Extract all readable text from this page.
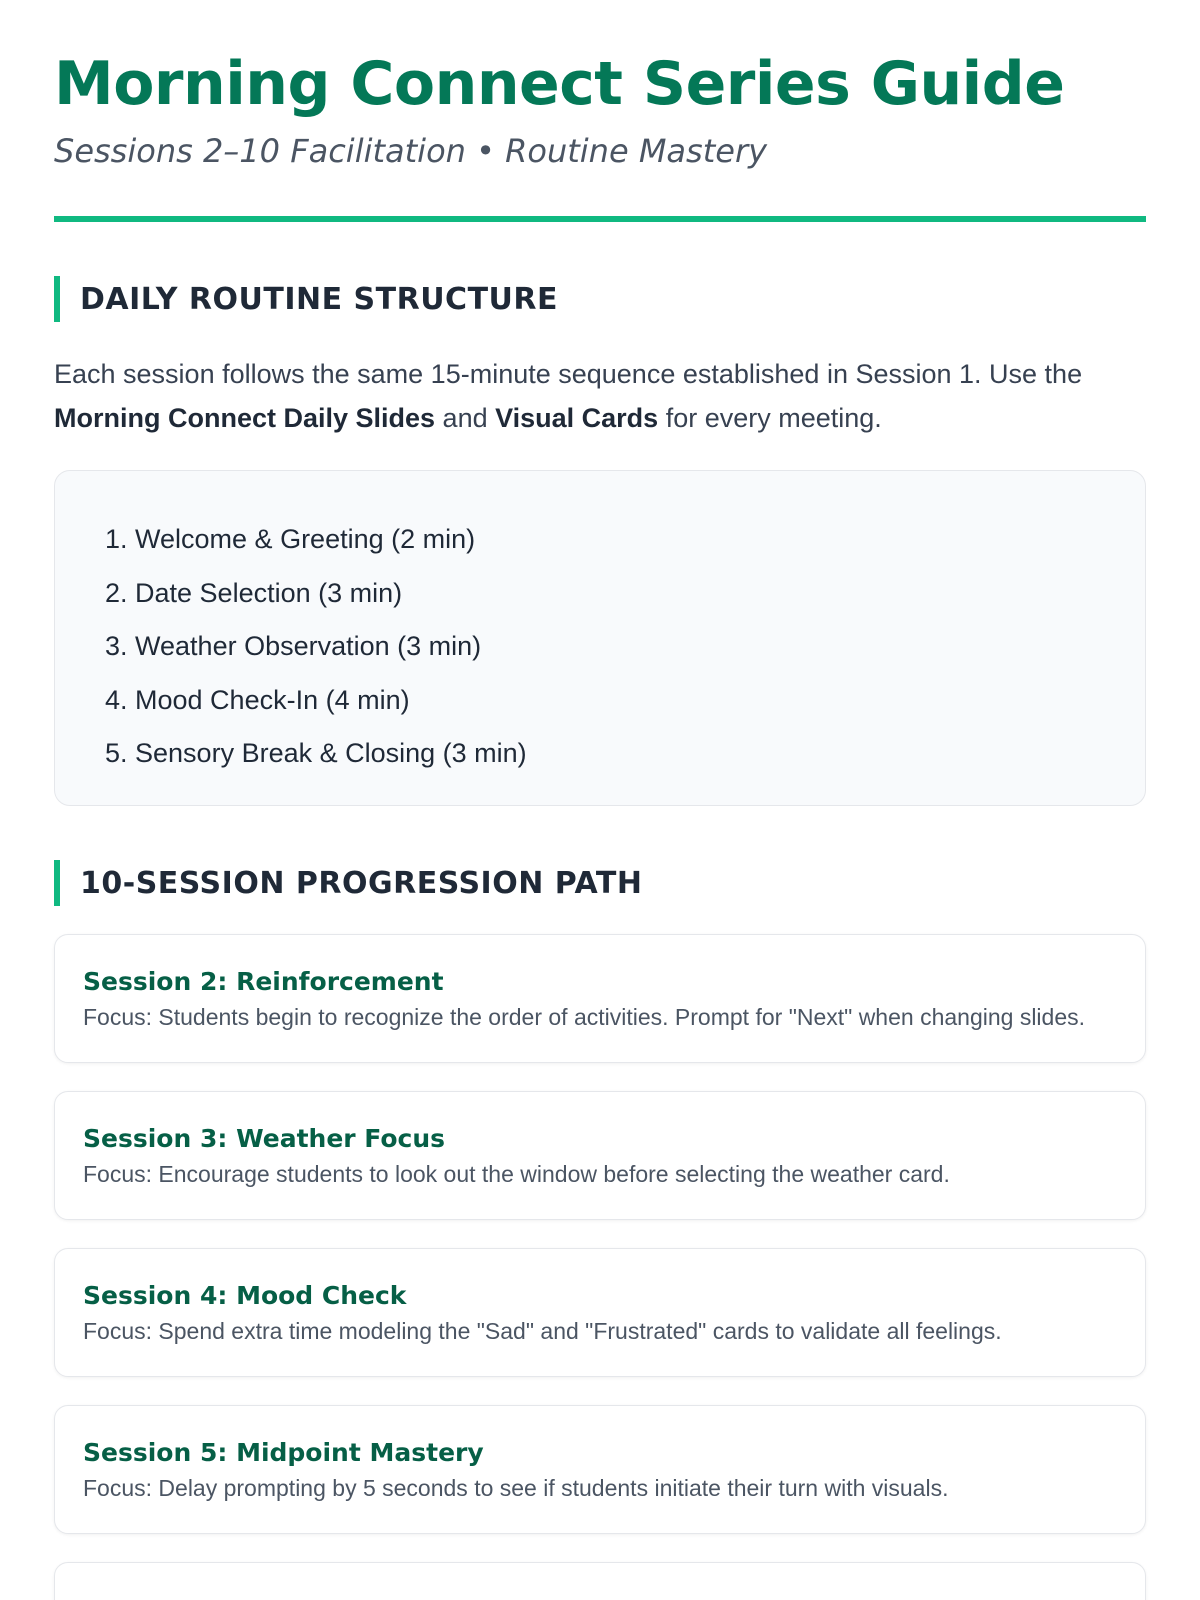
Morning Connect Series Guide
Sessions 2–10 Facilitation • Routine Mastery
DAILY ROUTINE STRUCTURE

Each session follows the same 15-minute sequence established in Session 1. Use the Morning Connect Daily Slides and Visual Cards for every meeting.

1. Welcome & Greeting (2 min)
2. Date Selection (3 min)
3. Weather Observation (3 min)
4. Mood Check-In (4 min)
5. Sensory Break & Closing (3 min)
10-SESSION PROGRESSION PATH
Session 2: Reinforcement
Focus: Students begin to recognize the order of activities. Prompt for "Next" when changing slides.
Session 3: Weather Focus
Focus: Encourage students to look out the window before selecting the weather card.
Session 4: Mood Check
Focus: Spend extra time modeling the "Sad" and "Frustrated" cards to validate all feelings.
Session 5: Midpoint Mastery
Focus: Delay prompting by 5 seconds to see if students initiate their turn with visuals.
